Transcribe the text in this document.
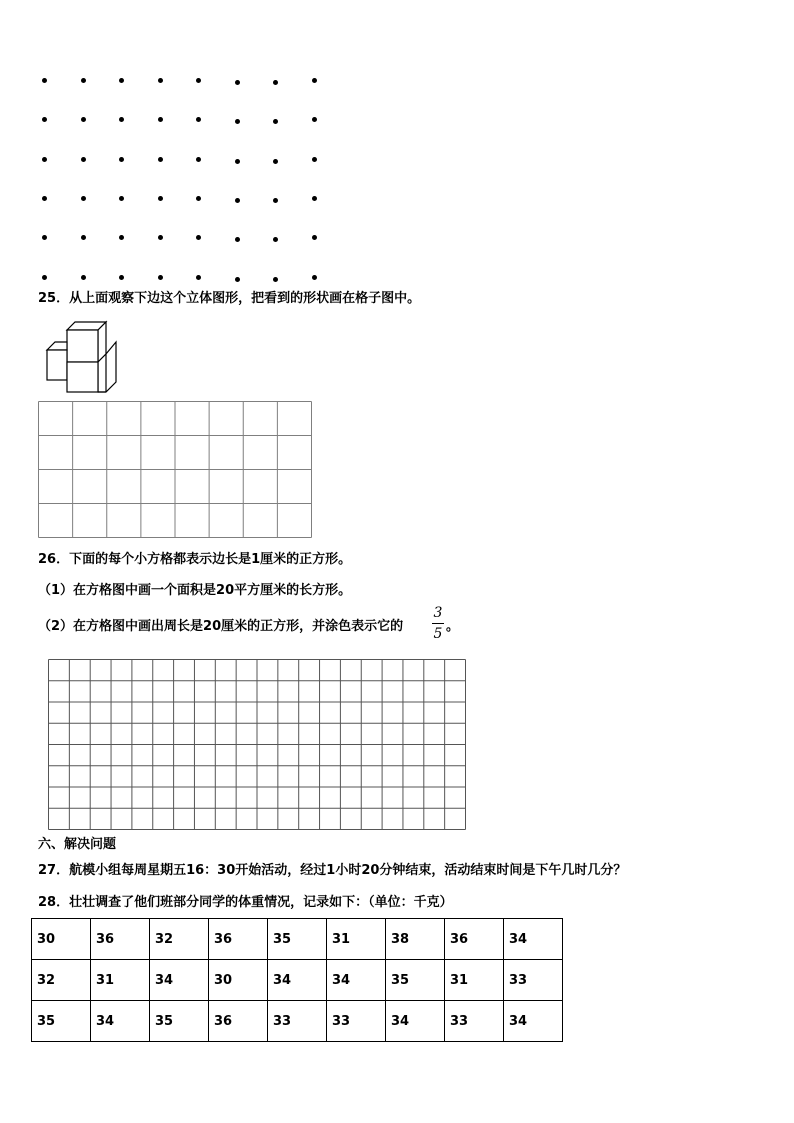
25．从上面观察下边这个立体图形，把看到的形状画在格子图中。
26．下面的每个小方格都表示边长是1厘米的正方形。
（1）在方格图中画一个面积是20平方厘米的长方形。
（2）在方格图中画出周长是20厘米的正方形，并涂色表示它的
3
5 。
六、解决问题
27．航模小组每周星期五16：30开始活动，经过1小时20分钟结束，活动结束时间是下午几时几分？
28．壮壮调查了他们班部分同学的体重情况，记录如下：（单位：千克）
30	36	32	36	35	31	38	36	34
32	31	34	30	34	34	35	31	33
35	34	35	36	33	33	34	33	34
